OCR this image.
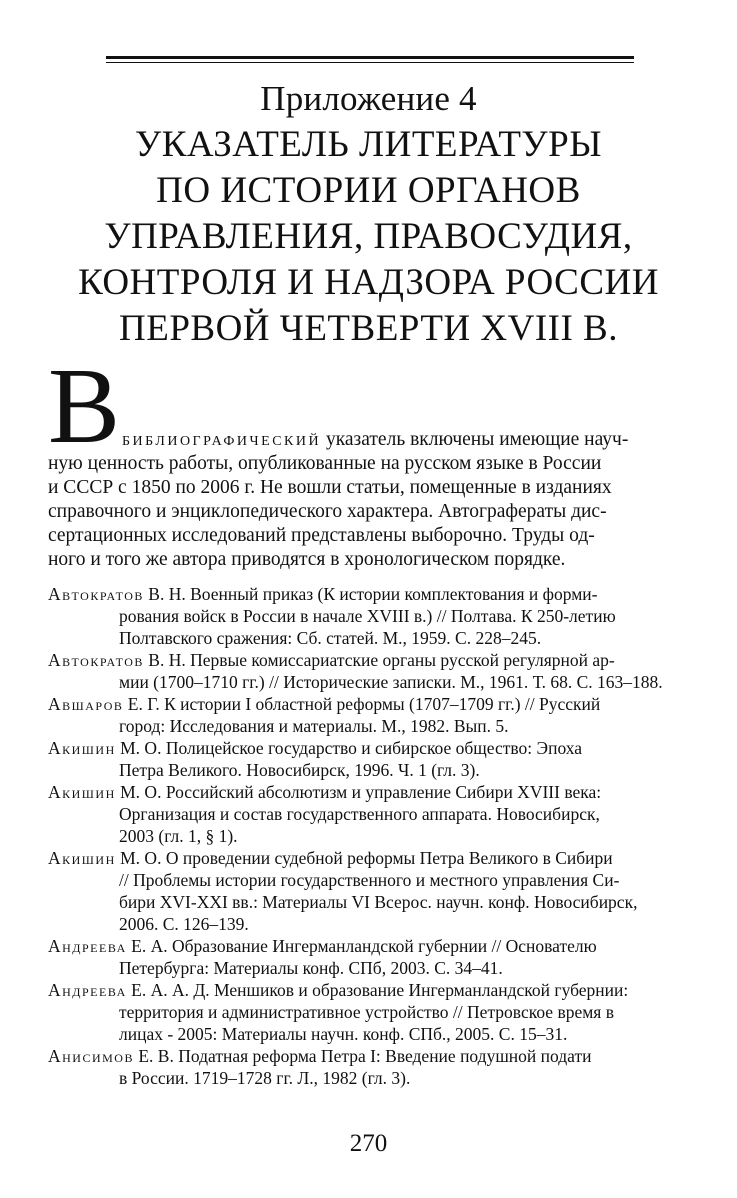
Приложение 4
УКАЗАТЕЛЬ ЛИТЕРАТУРЫ
ПО ИСТОРИИ ОРГАНОВ
УПРАВЛЕНИЯ, ПРАВОСУДИЯ,
КОНТРОЛЯ И НАДЗОРА РОССИИ
ПЕРВОЙ ЧЕТВЕРТИ XVIII В.
В библиографический указатель включены имеющие науч-
ную ценность работы, опубликованные на русском языке в России
и СССР с 1850 по 2006 г. Не вошли статьи, помещенные в изданиях
справочного и энциклопедического характера. Автографераты дис-
сертационных исследований представлены выборочно. Труды од-
ного и того же автора приводятся в хронологическом порядке.
Автократов В. Н. Военный приказ (К истории комплектования и форми-
рования войск в России в начале XVIII в.) // Полтава. К 250-летию
Полтавского сражения: Сб. статей. М., 1959. С. 228–245.
Автократов В. Н. Первые комиссариатские органы русской регулярной ар-
мии (1700–1710 гг.) // Исторические записки. М., 1961. Т. 68. С. 163–188.
Авшаров Е. Г. К истории I областной реформы (1707–1709 гг.) // Русский
город: Исследования и материалы. М., 1982. Вып. 5.
Акишин М. О. Полицейское государство и сибирское общество: Эпоха
Петра Великого. Новосибирск, 1996. Ч. 1 (гл. 3).
Акишин М. О. Российский абсолютизм и управление Сибири XVIII века:
Организация и состав государственного аппарата. Новосибирск,
2003 (гл. 1, § 1).
Акишин М. О. О проведении судебной реформы Петра Великого в Сибири
// Проблемы истории государственного и местного управления Си-
бири XVI-XXI вв.: Материалы VI Всерос. научн. конф. Новосибирск,
2006. С. 126–139.
Андреева Е. А. Образование Ингерманландской губернии // Основателю
Петербурга: Материалы конф. СПб, 2003. С. 34–41.
Андреева Е. А. А. Д. Меншиков и образование Ингерманландской губернии:
территория и административное устройство // Петровское время в
лицах - 2005: Материалы научн. конф. СПб., 2005. С. 15–31.
Анисимов Е. В. Податная реформа Петра I: Введение подушной подати
в России. 1719–1728 гг. Л., 1982 (гл. 3).
270
